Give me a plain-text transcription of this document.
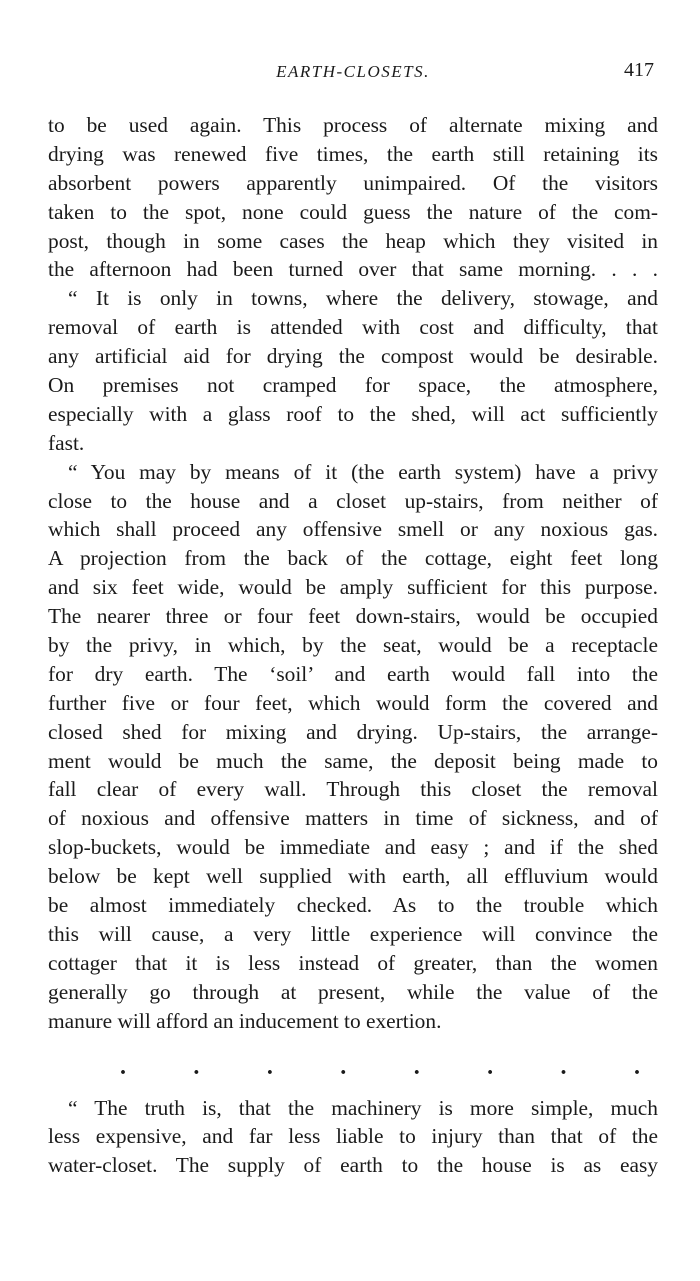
EARTH-CLOSETS.	417
to be used again. This process of alternate mixing and
drying was renewed five times, the earth still retaining its
absorbent powers apparently unimpaired. Of the visitors
taken to the spot, none could guess the nature of the com-
post, though in some cases the heap which they visited in
the afternoon had been turned over that same morning. . . .
“ It is only in towns, where the delivery, stowage, and
removal of earth is attended with cost and difficulty, that
any artificial aid for drying the compost would be desirable.
On premises not cramped for space, the atmosphere,
especially with a glass roof to the shed, will act sufficiently
fast.
“ You may by means of it (the earth system) have a privy
close to the house and a closet up-stairs, from neither of
which shall proceed any offensive smell or any noxious gas.
A projection from the back of the cottage, eight feet long
and six feet wide, would be amply sufficient for this purpose.
The nearer three or four feet down-stairs, would be occupied
by the privy, in which, by the seat, would be a receptacle
for dry earth. The ‘soil’ and earth would fall into the
further five or four feet, which would form the covered and
closed shed for mixing and drying. Up-stairs, the arrange-
ment would be much the same, the deposit being made to
fall clear of every wall. Through this closet the removal
of noxious and offensive matters in time of sickness, and of
slop-buckets, would be immediate and easy ; and if the shed
below be kept well supplied with earth, all effluvium would
be almost immediately checked. As to the trouble which
this will cause, a very little experience will convince the
cottager that it is less instead of greater, than the women
generally go through at present, while the value of the
manure will afford an inducement to exertion.
.	.	.	.	.	.	.	.
“ The truth is, that the machinery is more simple, much
less expensive, and far less liable to injury than that of the
water-closet. The supply of earth to the house is as easy
